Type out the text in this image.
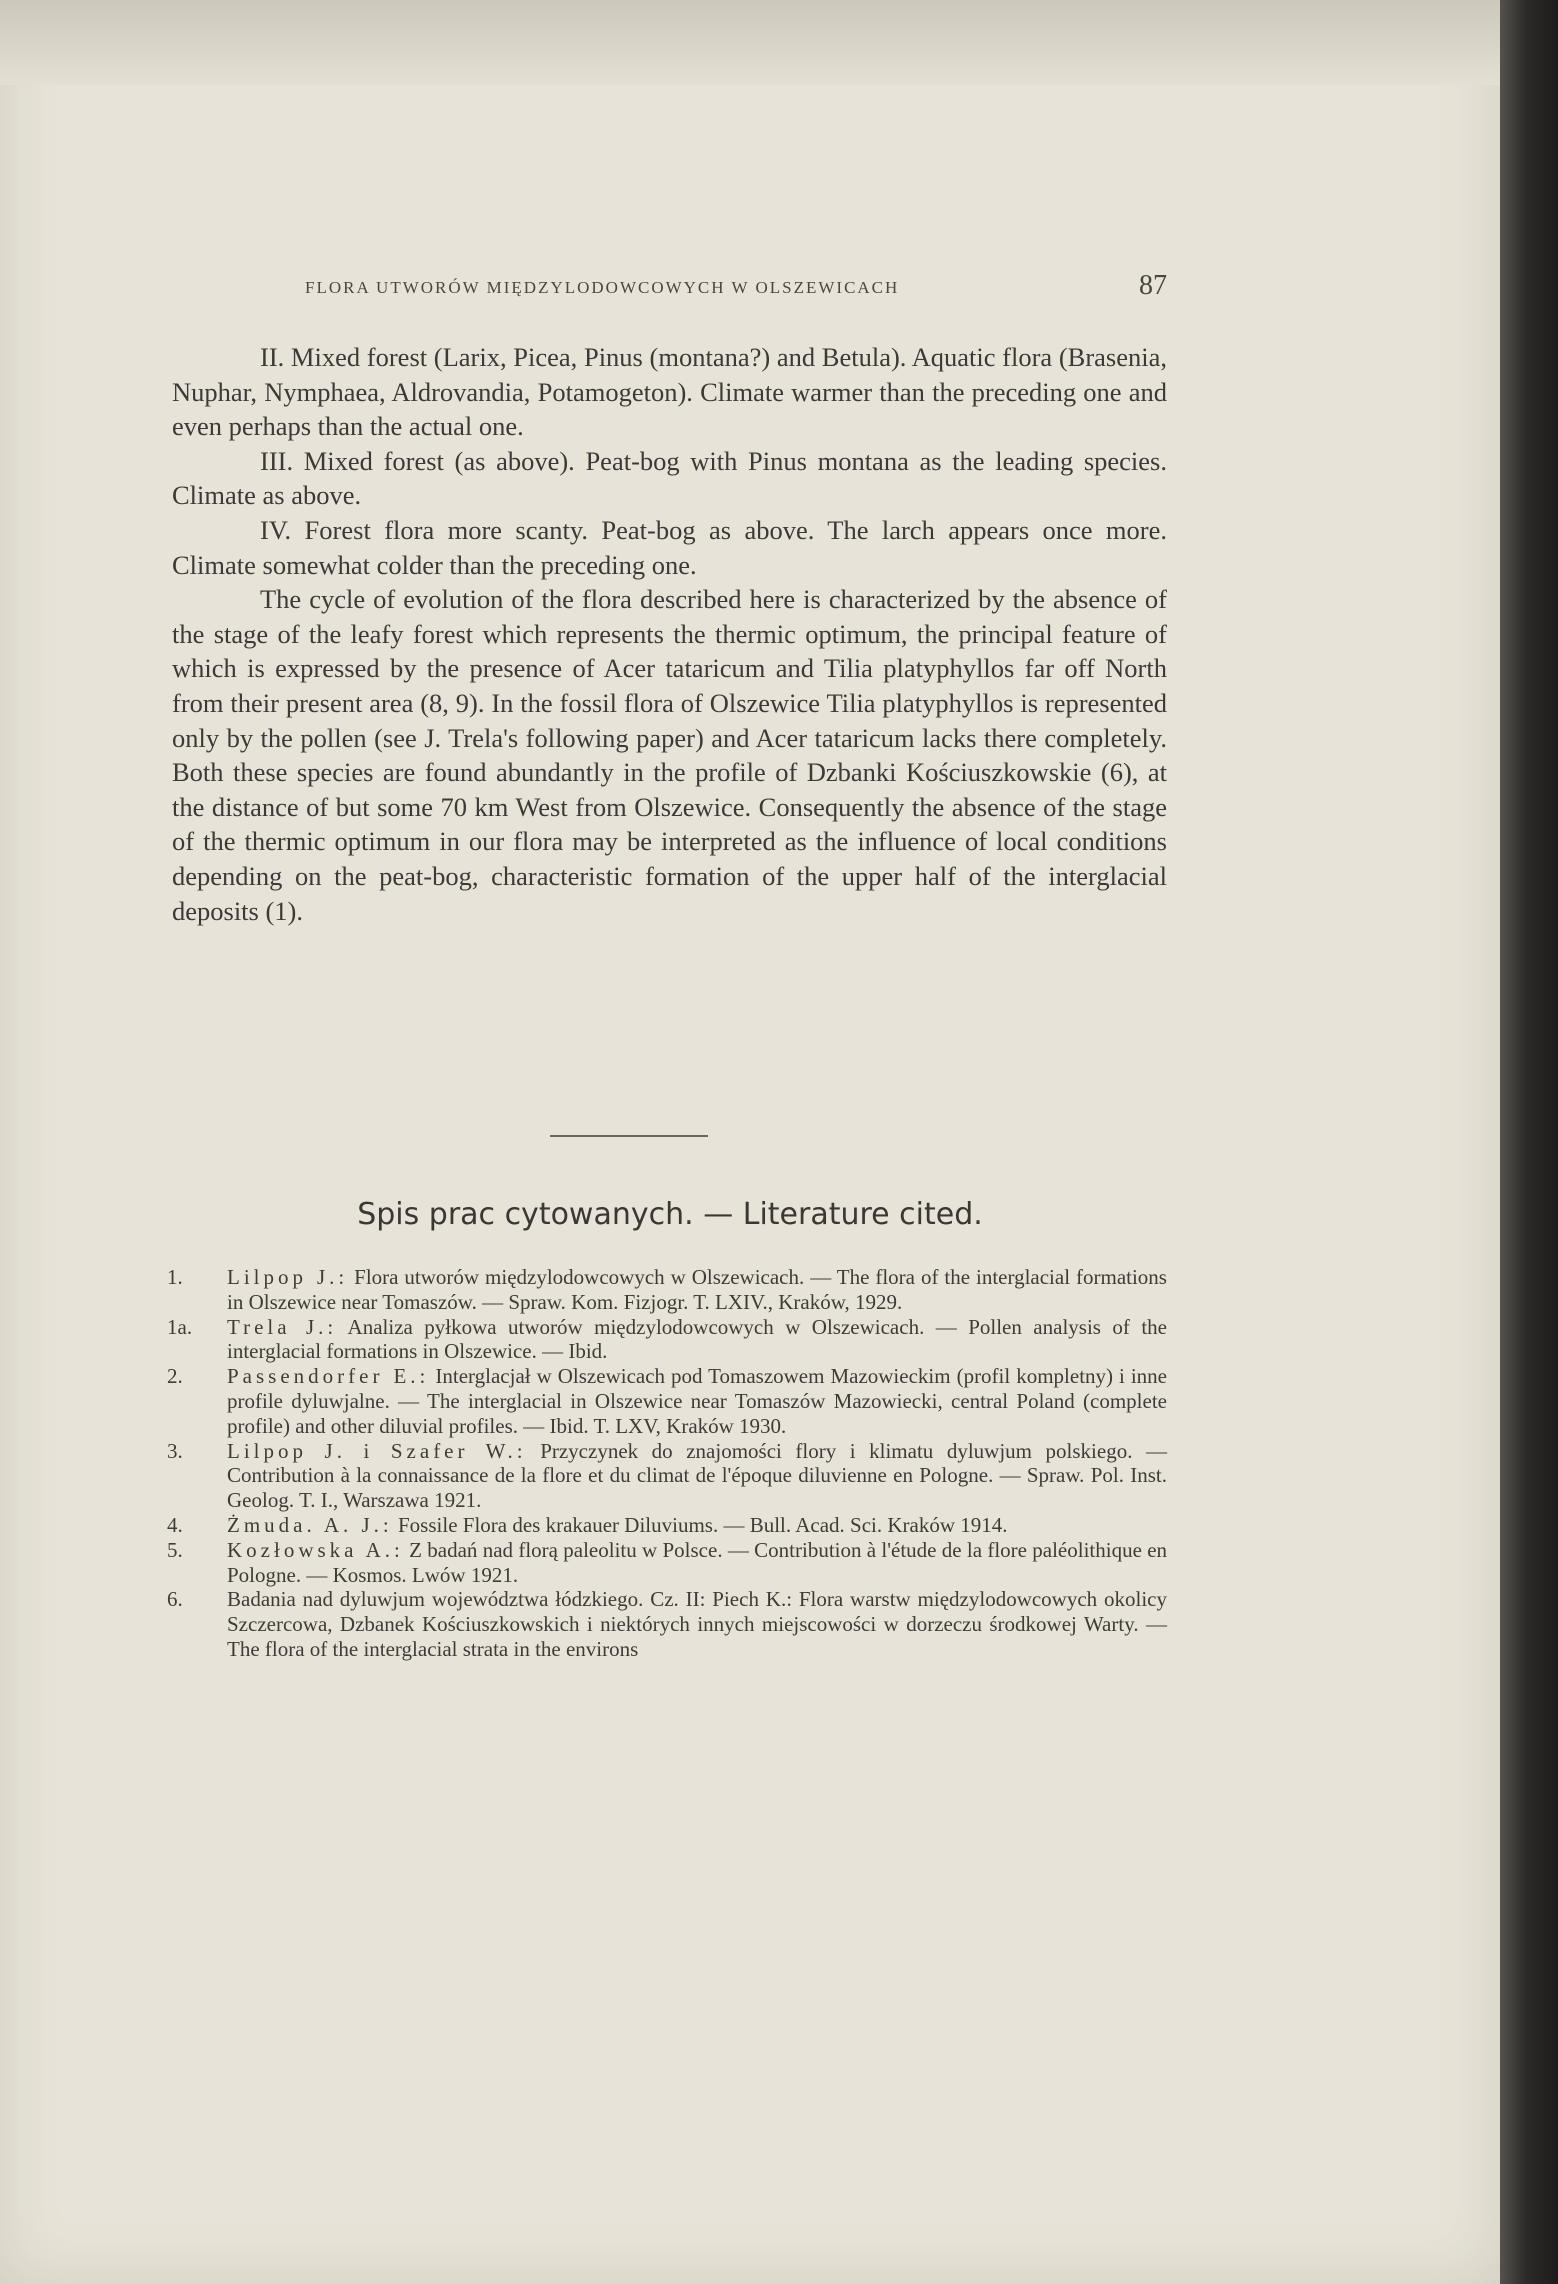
FLORA UTWORÓW MIĘDZYLODOWCOWYCH W OLSZEWICACH	87

II. Mixed forest (Larix, Picea, Pinus (montana?) and Betula). Aquatic flora (Brasenia, Nuphar, Nymphaea, Aldrovandia, Potamogeton). Climate warmer than the preceding one and even perhaps than the actual one.

III. Mixed forest (as above). Peat-bog with Pinus montana as the leading species. Climate as above.

IV. Forest flora more scanty. Peat-bog as above. The larch appears once more. Climate somewhat colder than the preceding one.

The cycle of evolution of the flora described here is characterized by the absence of the stage of the leafy forest which represents the thermic optimum, the principal feature of which is expressed by the presence of Acer tataricum and Tilia platyphyllos far off North from their present area (8, 9). In the fossil flora of Olszewice Tilia platyphyllos is represented only by the pollen (see J. Trela's following paper) and Acer tataricum lacks there completely. Both these species are found abundantly in the profile of Dzbanki Kościuszkowskie (6), at the distance of but some 70 km West from Olszewice. Consequently the absence of the stage of the thermic optimum in our flora may be interpreted as the influence of local conditions depending on the peat-bog, characteristic formation of the upper half of the interglacial deposits (1).

Spis prac cytowanych. — Literature cited.
1.	Lilpop J.: Flora utworów międzylodowcowych w Olszewicach. — The flora of the interglacial formations in Olszewice near Tomaszów. — Spraw. Kom. Fizjogr. T. LXIV., Kraków, 1929.
1a.	Trela J.: Analiza pyłkowa utworów międzylodowcowych w Olszewicach. — Pollen analysis of the interglacial formations in Olszewice. — Ibid.
2.	Passendorfer E.: Interglacjał w Olszewicach pod Tomaszowem Mazowieckim (profil kompletny) i inne profile dyluwjalne. — The interglacial in Olszewice near Tomaszów Mazowiecki, central Poland (complete profile) and other diluvial profiles. — Ibid. T. LXV, Kraków 1930.
3.	Lilpop J. i Szafer W.: Przyczynek do znajomości flory i klimatu dyluwjum polskiego. — Contribution à la connaissance de la flore et du climat de l'époque diluvienne en Pologne. — Spraw. Pol. Inst. Geolog. T. I., Warszawa 1921.
4.	Żmuda. A. J.: Fossile Flora des krakauer Diluviums. — Bull. Acad. Sci. Kraków 1914.
5.	Kozłowska A.: Z badań nad florą paleolitu w Polsce. — Contribution à l'étude de la flore paléolithique en Pologne. — Kosmos. Lwów 1921.
6.	Badania nad dyluwjum województwa łódzkiego. Cz. II: Piech K.: Flora warstw międzylodowcowych okolicy Szczercowa, Dzbanek Kościuszkowskich i niektórych innych miejscowości w dorzeczu środkowej Warty. — The flora of the interglacial strata in the environs
